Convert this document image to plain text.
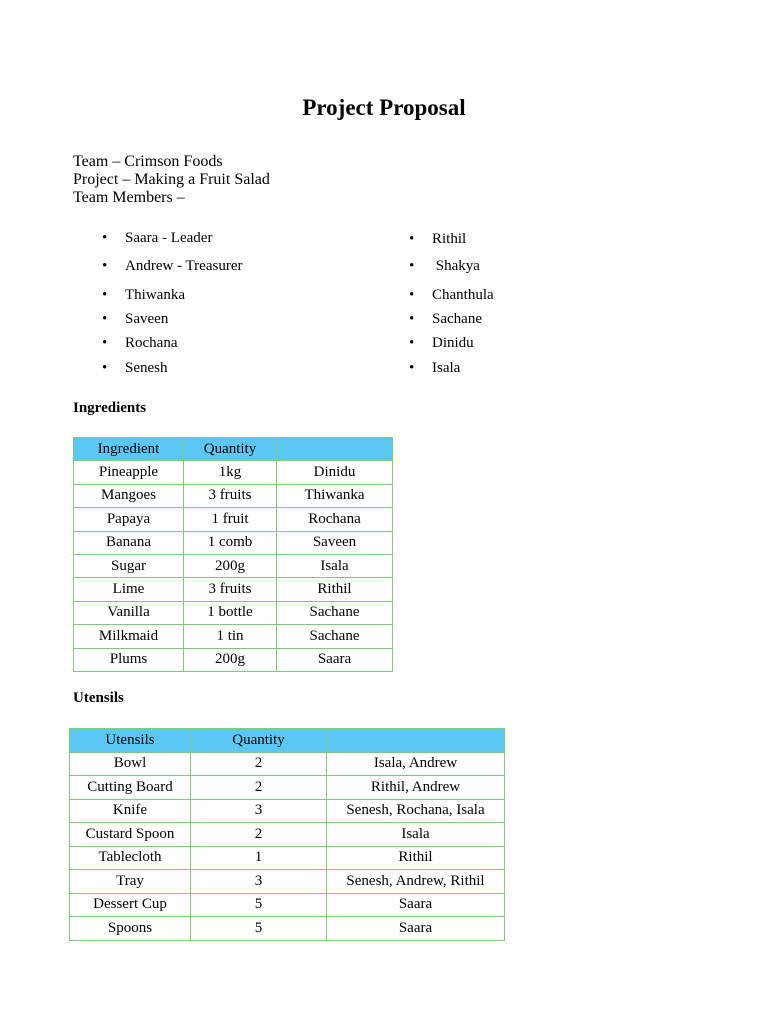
Project Proposal
Team – Crimson Foods
Project – Making a Fruit Salad
Team Members –
• Saara - Leader
• Andrew - Treasurer
• Thiwanka
• Saveen
• Rochana
• Senesh
• Rithil
• Shakya
• Chanthula
• Sachane
• Dinidu
• Isala
Ingredients
Ingredient	Quantity	
Pineapple	1kg	Dinidu
Mangoes	3 fruits	Thiwanka
Papaya	1 fruit	Rochana
Banana	1 comb	Saveen
Sugar	200g	Isala
Lime	3 fruits	Rithil
Vanilla	1 bottle	Sachane
Milkmaid	1 tin	Sachane
Plums	200g	Saara
Utensils
Utensils	Quantity	
Bowl	2	Isala, Andrew
Cutting Board	2	Rithil, Andrew
Knife	3	Senesh, Rochana, Isala
Custard Spoon	2	Isala
Tablecloth	1	Rithil
Tray	3	Senesh, Andrew, Rithil
Dessert Cup	5	Saara
Spoons	5	Saara
